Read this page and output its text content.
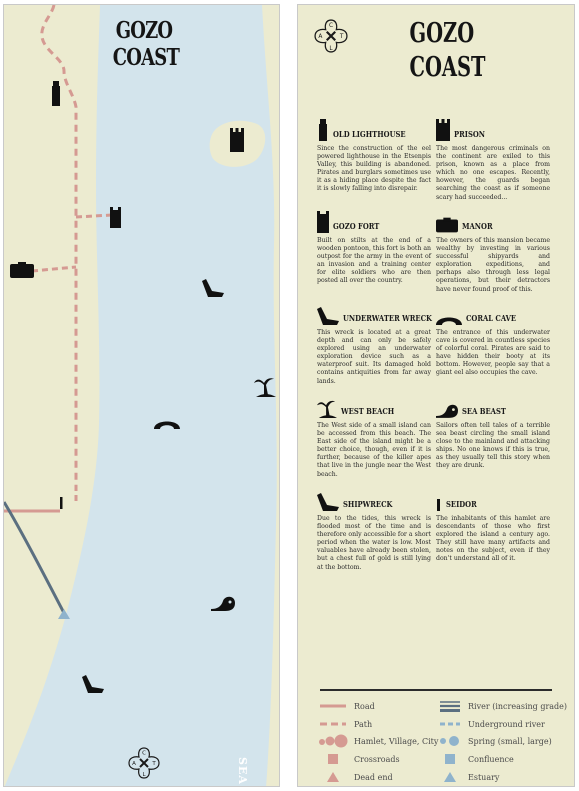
GOZO
COAST
C
A	T
L	SEA
C
A	T
L	GOZO
COAST
OLD LIGHTHOUSE
Since the construction of the eel powered lighthouse in the Etsenpis Valley, this building is abandoned. Pirates and burglars sometimes use it as a hiding place despite the fact it is slowly falling into disrepair.
PRISON
The most dangerous criminals on the continent are exiled to this prison, known as a place from which no one escapes. Recently, however, the guards began searching the coast as if someone scary had succeeded...
GOZO FORT
Built on stilts at the end of a wooden pontoon, this fort is both an outpost for the army in the event of an invasion and a training center for elite soldiers who are then posted all over the country.
MANOR
The owners of this mansion became wealthy by investing in various successful shipyards and exploration expeditions, and perhaps also through less legal operations, but their detractors have never found proof of this.
UNDERWATER WRECK
This wreck is located at a great depth and can only be safely explored using an underwater exploration device such as a waterproof suit. Its damaged hold contains antiquities from far away lands.
CORAL CAVE
The entrance of this underwater cave is covered in countless species of colorful coral. Pirates are said to have hidden their booty at its bottom. However, people say that a giant eel also occupies the cave.
WEST BEACH
The West side of a small island can be accessed from this beach. The East side of the island might be a better choice, though, even if it is further, because of the killer apes that live in the jungle near the West beach.
SEA BEAST
Sailors often tell tales of a terrible sea beast circling the small island close to the mainland and attacking ships. No one knows if this is true, as they usually tell this story when they are drunk.
SHIPWRECK
Due to the tides, this wreck is flooded most of the time and is therefore only accessible for a short period when the water is low. Most valuables have already been stolen, but a chest full of gold is still lying at the bottom.
SEIDOR
The inhabitants of this hamlet are descendants of those who first explored the island a century ago. They still have many artifacts and notes on the subject, even if they don't understand all of it.
Road
Path
Hamlet, Village, City
Crossroads
Dead end
River (increasing grade)
Underground river
Spring (small, large)
Confluence
Estuary
